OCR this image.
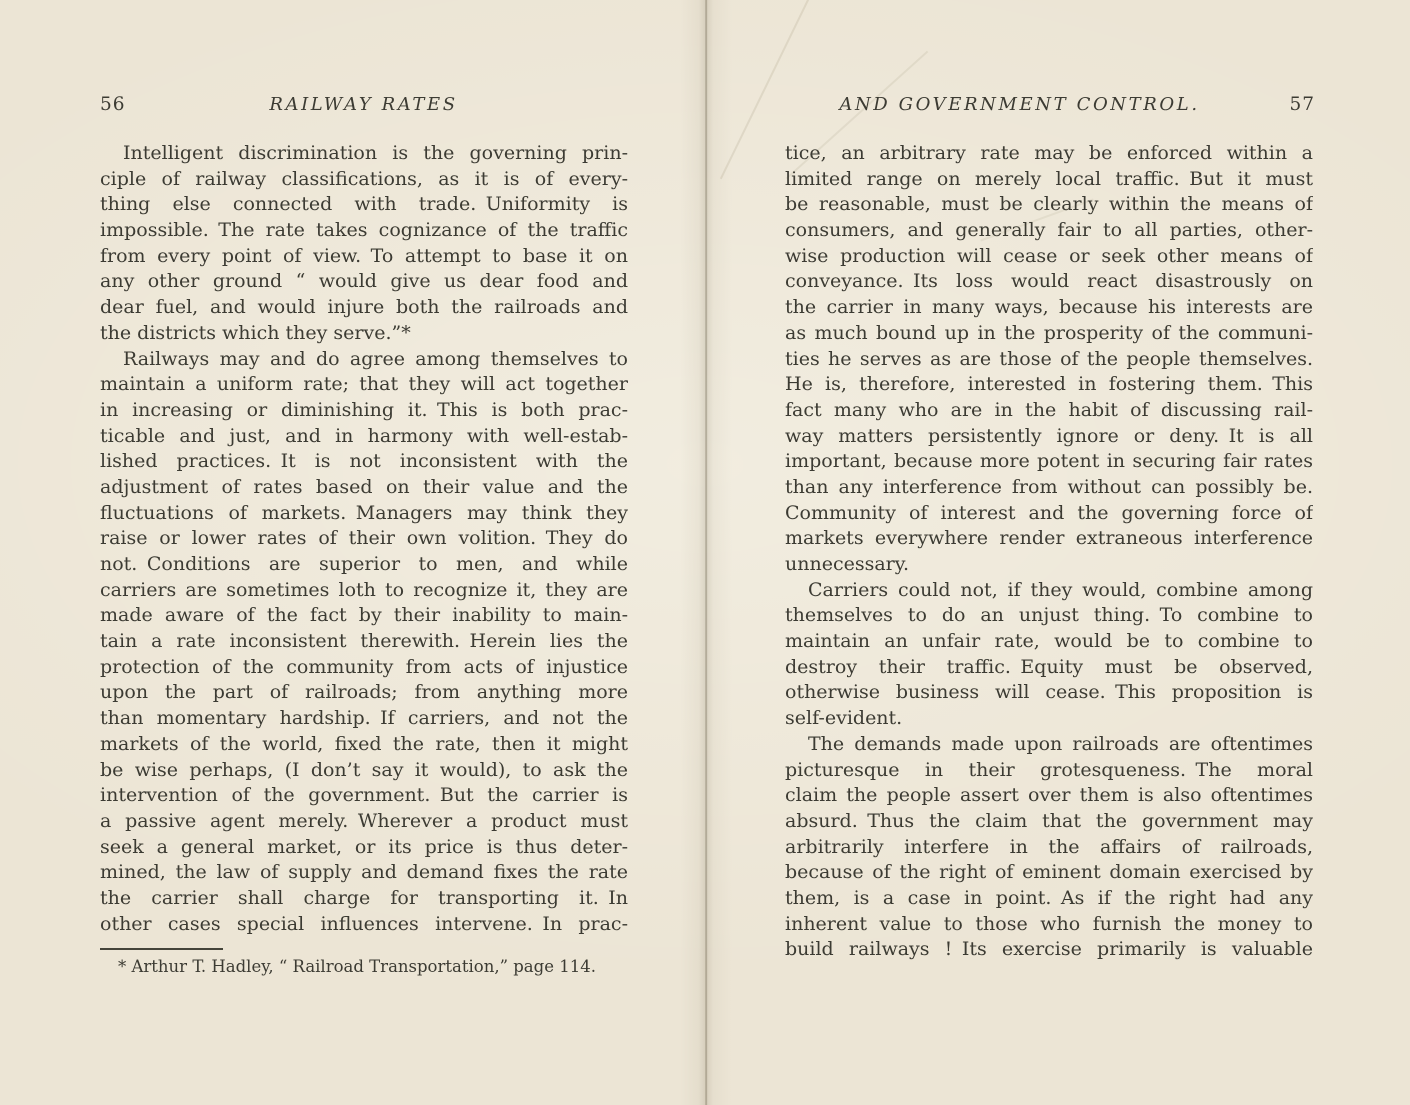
56	RAILWAY RATES
Intelligent discrimination is the governing prin-
ciple of railway classifications, as it is of every-
thing else connected with trade. Uniformity is
impossible. The rate takes cognizance of the traffic
from every point of view. To attempt to base it on
any other ground “ would give us dear food and
dear fuel, and would injure both the railroads and
the districts which they serve.”*
Railways may and do agree among themselves to
maintain a uniform rate; that they will act together
in increasing or diminishing it. This is both prac-
ticable and just, and in harmony with well-estab-
lished practices. It is not inconsistent with the
adjustment of rates based on their value and the
fluctuations of markets. Managers may think they
raise or lower rates of their own volition. They do
not. Conditions are superior to men, and while
carriers are sometimes loth to recognize it, they are
made aware of the fact by their inability to main-
tain a rate inconsistent therewith. Herein lies the
protection of the community from acts of injustice
upon the part of railroads; from anything more
than momentary hardship. If carriers, and not the
markets of the world, fixed the rate, then it might
be wise perhaps, (I don’t say it would), to ask the
intervention of the government. But the carrier is
a passive agent merely. Wherever a product must
seek a general market, or its price is thus deter-
mined, the law of supply and demand fixes the rate
the carrier shall charge for transporting it. In
other cases special influences intervene. In prac-
* Arthur T. Hadley, “ Railroad Transportation,” page 114.
AND GOVERNMENT CONTROL.	57
tice, an arbitrary rate may be enforced within a
limited range on merely local traffic. But it must
be reasonable, must be clearly within the means of
consumers, and generally fair to all parties, other-
wise production will cease or seek other means of
conveyance. Its loss would react disastrously on
the carrier in many ways, because his interests are
as much bound up in the prosperity of the communi-
ties he serves as are those of the people themselves.
He is, therefore, interested in fostering them. This
fact many who are in the habit of discussing rail-
way matters persistently ignore or deny. It is all
important, because more potent in securing fair rates
than any interference from without can possibly be.
Community of interest and the governing force of
markets everywhere render extraneous interference
unnecessary.
Carriers could not, if they would, combine among
themselves to do an unjust thing. To combine to
maintain an unfair rate, would be to combine to
destroy their traffic. Equity must be observed,
otherwise business will cease. This proposition is
self-evident.
The demands made upon railroads are oftentimes
picturesque in their grotesqueness. The moral
claim the people assert over them is also oftentimes
absurd. Thus the claim that the government may
arbitrarily interfere in the affairs of railroads,
because of the right of eminent domain exercised by
them, is a case in point. As if the right had any
inherent value to those who furnish the money to
build railways ! Its exercise primarily is valuable
